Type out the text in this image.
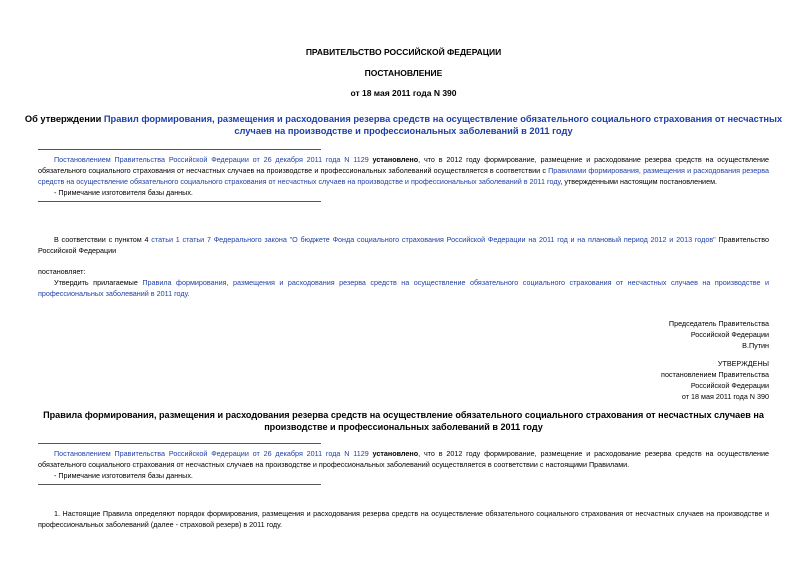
ПРАВИТЕЛЬСТВО РОССИЙСКОЙ ФЕДЕРАЦИИ
ПОСТАНОВЛЕНИЕ
от 18 мая 2011 года N 390
Об утверждении Правил формирования, размещения и расходования резерва средств на осуществление обязательного социального страхования от несчастных
случаев на производстве и профессиональных заболеваний в 2011 году
Постановлением Правительства Российской Федерации от 26 декабря 2011 года N 1129 установлено, что в 2012 году формирование, размещение и расходование резерва средств на осуществление обязательного социального страхования от несчастных случаев на производстве и профессиональных заболеваний осуществляется в соответствии с Правилами формирования, размещения и расходования резерва средств на осуществление обязательного социального страхования от несчастных случаев на производстве и профессиональных заболеваний в 2011 году, утвержденными настоящим постановлением.
- Примечание изготовителя базы данных.
В соответствии с пунктом 4 статьи 1 статьи 7 Федерального закона "О бюджете Фонда социального страхования Российской Федерации на 2011 год и на плановый период 2012 и 2013 годов" Правительство Российской Федерации
постановляет:
Утвердить прилагаемые Правила формирования, размещения и расходования резерва средств на осуществление обязательного социального страхования от несчастных случаев на производстве и профессиональных заболеваний в 2011 году.
Председатель Правительства
Российской Федерации
В.Путин
УТВЕРЖДЕНЫ
постановлением Правительства
Российской Федерации
от 18 мая 2011 года N 390
Правила формирования, размещения и расходования резерва средств на осуществление обязательного социального страхования от несчастных случаев на
производстве и профессиональных заболеваний в 2011 году
Постановлением Правительства Российской Федерации от 26 декабря 2011 года N 1129 установлено, что в 2012 году формирование, размещение и расходование резерва средств на осуществление обязательного социального страхования от несчастных случаев на производстве и профессиональных заболеваний осуществляется в соответствии с настоящими Правилами.
- Примечание изготовителя базы данных.
1. Настоящие Правила определяют порядок формирования, размещения и расходования резерва средств на осуществление обязательного социального страхования от несчастных случаев на производстве и профессиональных заболеваний (далее - страховой резерв) в 2011 году.
